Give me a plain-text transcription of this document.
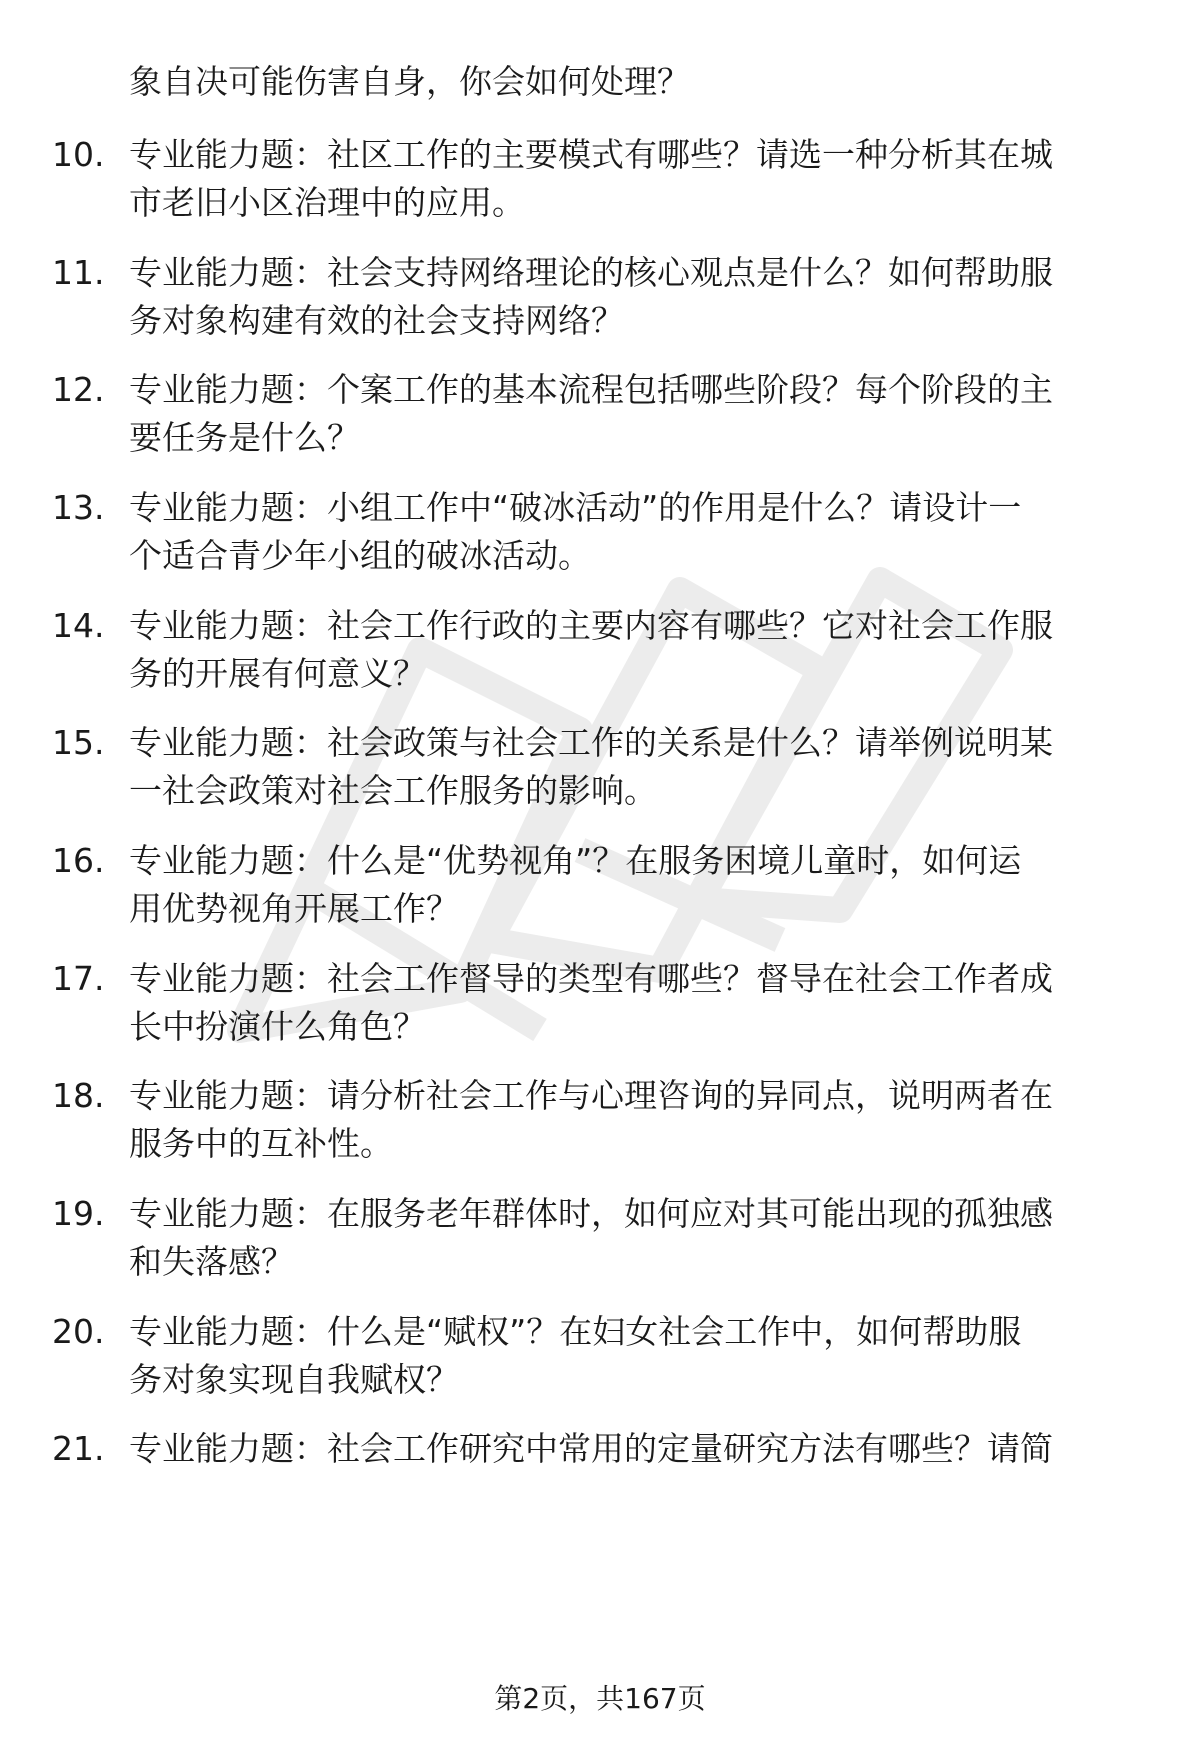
象自决可能伤害自身，你会如何处理？
10. 专业能力题：社区工作的主要模式有哪些？请选一种分析其在城
市老旧小区治理中的应用。
11. 专业能力题：社会支持网络理论的核心观点是什么？如何帮助服
务对象构建有效的社会支持网络？
12. 专业能力题：个案工作的基本流程包括哪些阶段？每个阶段的主
要任务是什么？
13. 专业能力题：小组工作中“破冰活动”的作用是什么？请设计一
个适合青少年小组的破冰活动。
14. 专业能力题：社会工作行政的主要内容有哪些？它对社会工作服
务的开展有何意义？
15. 专业能力题：社会政策与社会工作的关系是什么？请举例说明某
一社会政策对社会工作服务的影响。
16. 专业能力题：什么是“优势视角”？在服务困境儿童时，如何运
用优势视角开展工作？
17. 专业能力题：社会工作督导的类型有哪些？督导在社会工作者成
长中扮演什么角色？
18. 专业能力题：请分析社会工作与心理咨询的异同点，说明两者在
服务中的互补性。
19. 专业能力题：在服务老年群体时，如何应对其可能出现的孤独感
和失落感？
20. 专业能力题：什么是“赋权”？在妇女社会工作中，如何帮助服
务对象实现自我赋权？
21. 专业能力题：社会工作研究中常用的定量研究方法有哪些？请简
第2页，共167页
